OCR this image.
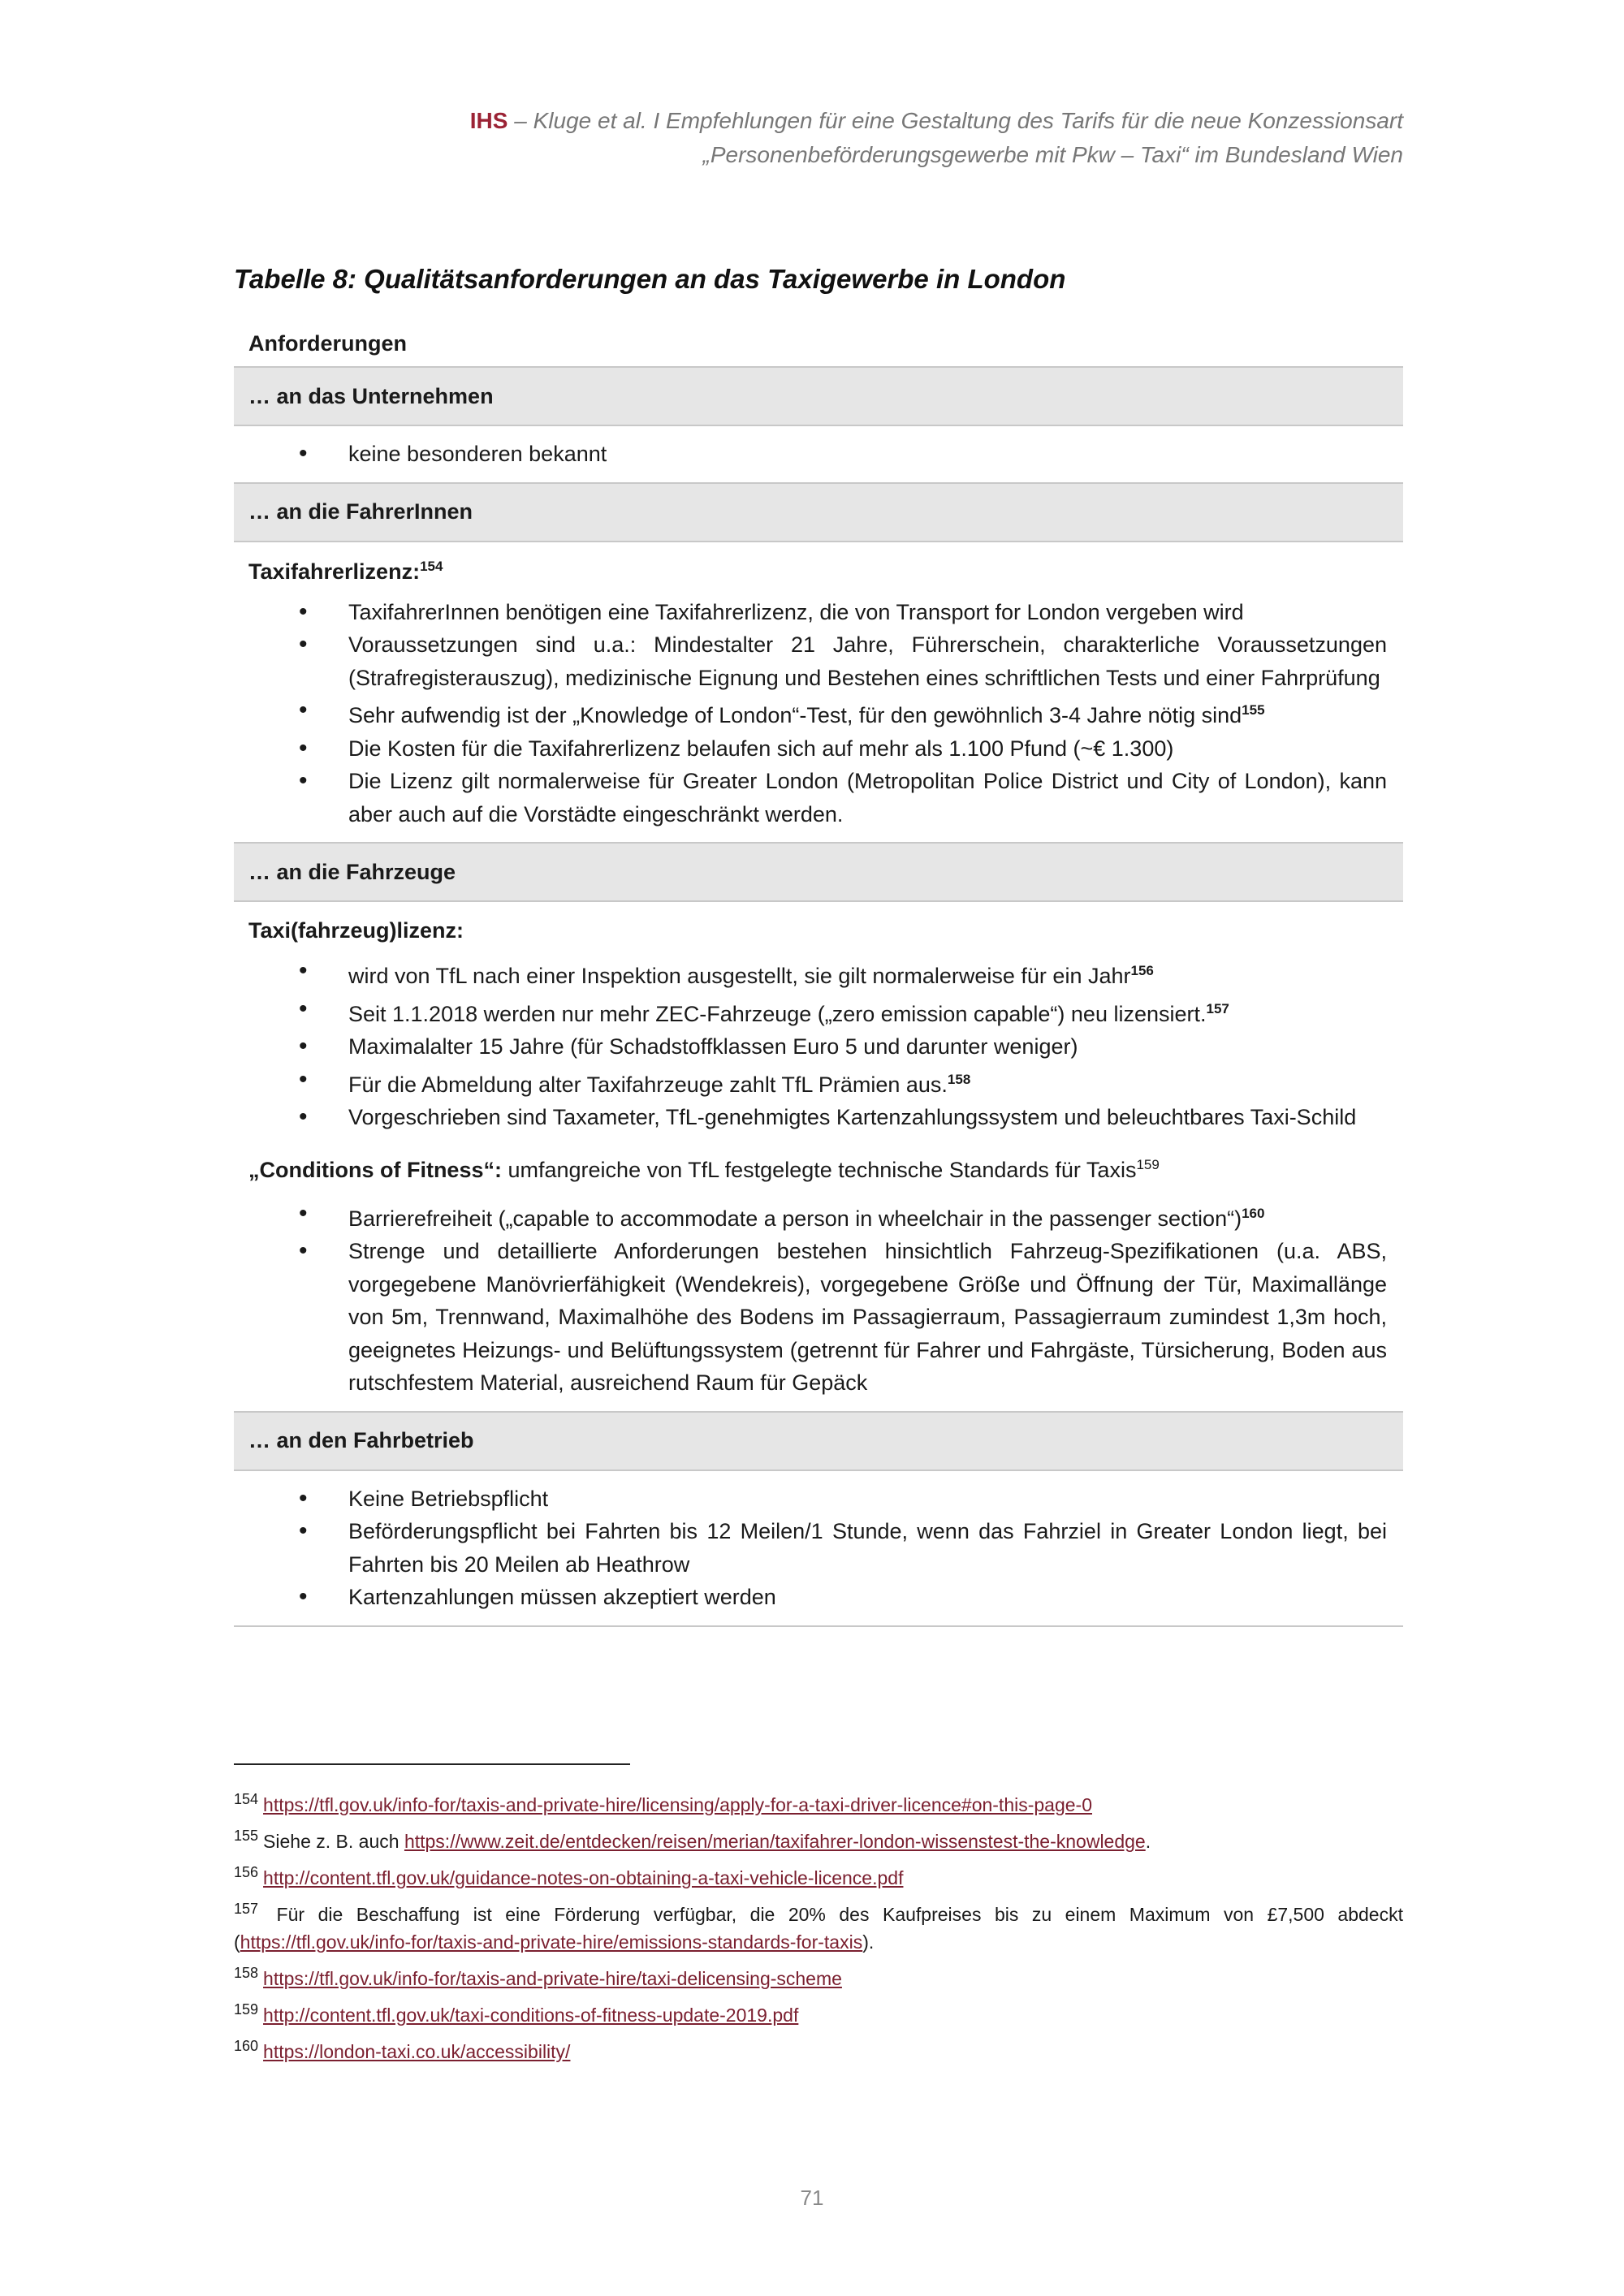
IHS – Kluge et al. I Empfehlungen für eine Gestaltung des Tarifs für die neue Konzessionsart
„Personenbeförderungsgewerbe mit Pkw – Taxi“ im Bundesland Wien
Tabelle 8: Qualitätsanforderungen an das Taxigewerbe in London
Anforderungen
… an das Unternehmen
• keine besonderen bekannt
… an die FahrerInnen
Taxifahrerlizenz:$^{154}$
• TaxifahrerInnen benötigen eine Taxifahrerlizenz, die von Transport for London vergeben wird
• Voraussetzungen sind u.a.: Mindestalter 21 Jahre, Führerschein, charakterliche Voraussetzungen (Strafregisterauszug), medizinische Eignung und Bestehen eines schriftlichen Tests und einer Fahrprüfung
• Sehr aufwendig ist der „Knowledge of London“-Test, für den gewöhnlich 3-4 Jahre nötig sind$^{155}$
• Die Kosten für die Taxifahrerlizenz belaufen sich auf mehr als 1.100 Pfund (~€ 1.300)
• Die Lizenz gilt normalerweise für Greater London (Metropolitan Police District und City of London), kann aber auch auf die Vorstädte eingeschränkt werden.
… an die Fahrzeuge
Taxi(fahrzeug)lizenz:
• wird von TfL nach einer Inspektion ausgestellt, sie gilt normalerweise für ein Jahr$^{156}$
• Seit 1.1.2018 werden nur mehr ZEC-Fahrzeuge („zero emission capable“) neu lizensiert.$^{157}$
• Maximalalter 15 Jahre (für Schadstoffklassen Euro 5 und darunter weniger)
• Für die Abmeldung alter Taxifahrzeuge zahlt TfL Prämien aus.$^{158}$
• Vorgeschrieben sind Taxameter, TfL-genehmigtes Kartenzahlungssystem und beleuchtbares Taxi-Schild
„Conditions of Fitness“: umfangreiche von TfL festgelegte technische Standards für Taxis$^{159}$
• Barrierefreiheit („capable to accommodate a person in wheelchair in the passenger section“)$^{160}$
• Strenge und detaillierte Anforderungen bestehen hinsichtlich Fahrzeug-Spezifikationen (u.a. ABS, vorgegebene Manövrierfähigkeit (Wendekreis), vorgegebene Größe und Öffnung der Tür, Maximallänge von 5m, Trennwand, Maximalhöhe des Bodens im Passagierraum, Passagierraum zumindest 1,3m hoch, geeignetes Heizungs- und Belüftungssystem (getrennt für Fahrer und Fahrgäste, Türsicherung, Boden aus rutschfestem Material, ausreichend Raum für Gepäck
… an den Fahrbetrieb
• Keine Betriebspflicht
• Beförderungspflicht bei Fahrten bis 12 Meilen/1 Stunde, wenn das Fahrziel in Greater London liegt, bei Fahrten bis 20 Meilen ab Heathrow
• Kartenzahlungen müssen akzeptiert werden
$^{154}$ https://tfl.gov.uk/info-for/taxis-and-private-hire/licensing/apply-for-a-taxi-driver-licence#on-this-page-0
$^{155}$ Siehe z. B. auch https://www.zeit.de/entdecken/reisen/merian/taxifahrer-london-wissenstest-the-knowledge.
$^{156}$ http://content.tfl.gov.uk/guidance-notes-on-obtaining-a-taxi-vehicle-licence.pdf
$^{157}$ Für die Beschaffung ist eine Förderung verfügbar, die 20% des Kaufpreises bis zu einem Maximum von £7,500 abdeckt (https://tfl.gov.uk/info-for/taxis-and-private-hire/emissions-standards-for-taxis).
$^{158}$ https://tfl.gov.uk/info-for/taxis-and-private-hire/taxi-delicensing-scheme
$^{159}$ http://content.tfl.gov.uk/taxi-conditions-of-fitness-update-2019.pdf
$^{160}$ https://london-taxi.co.uk/accessibility/
71
